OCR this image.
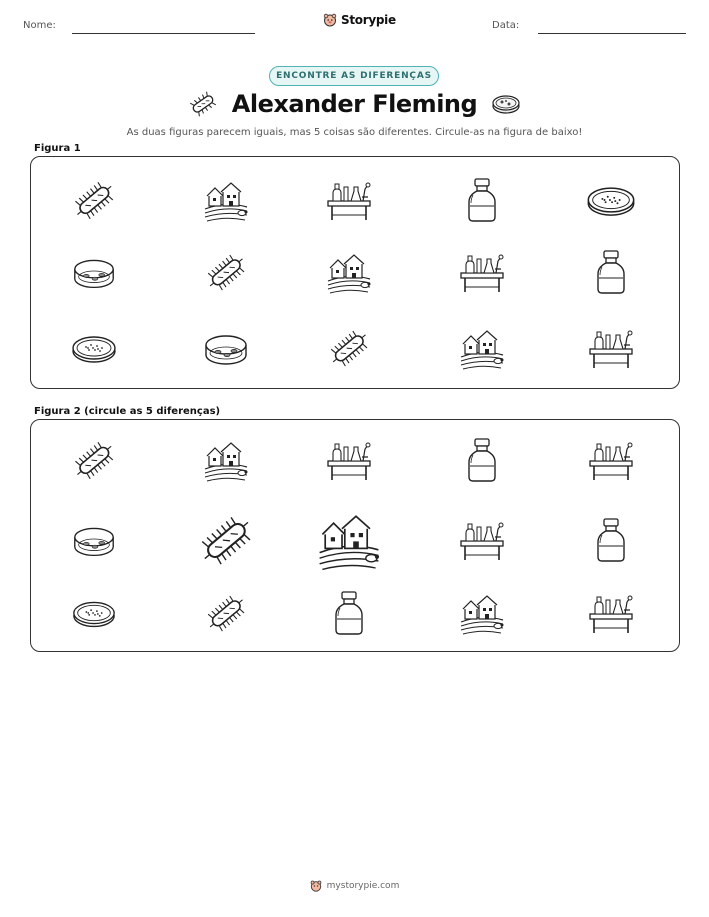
Nome:	Storypie	Data:
ENCONTRE AS DIFERENÇAS
Alexander Fleming
As duas figuras parecem iguais, mas 5 coisas são diferentes. Circule-as na figura de baixo!
Figura 1
Figura 2 (circule as 5 diferenças)
mystorypie.com
